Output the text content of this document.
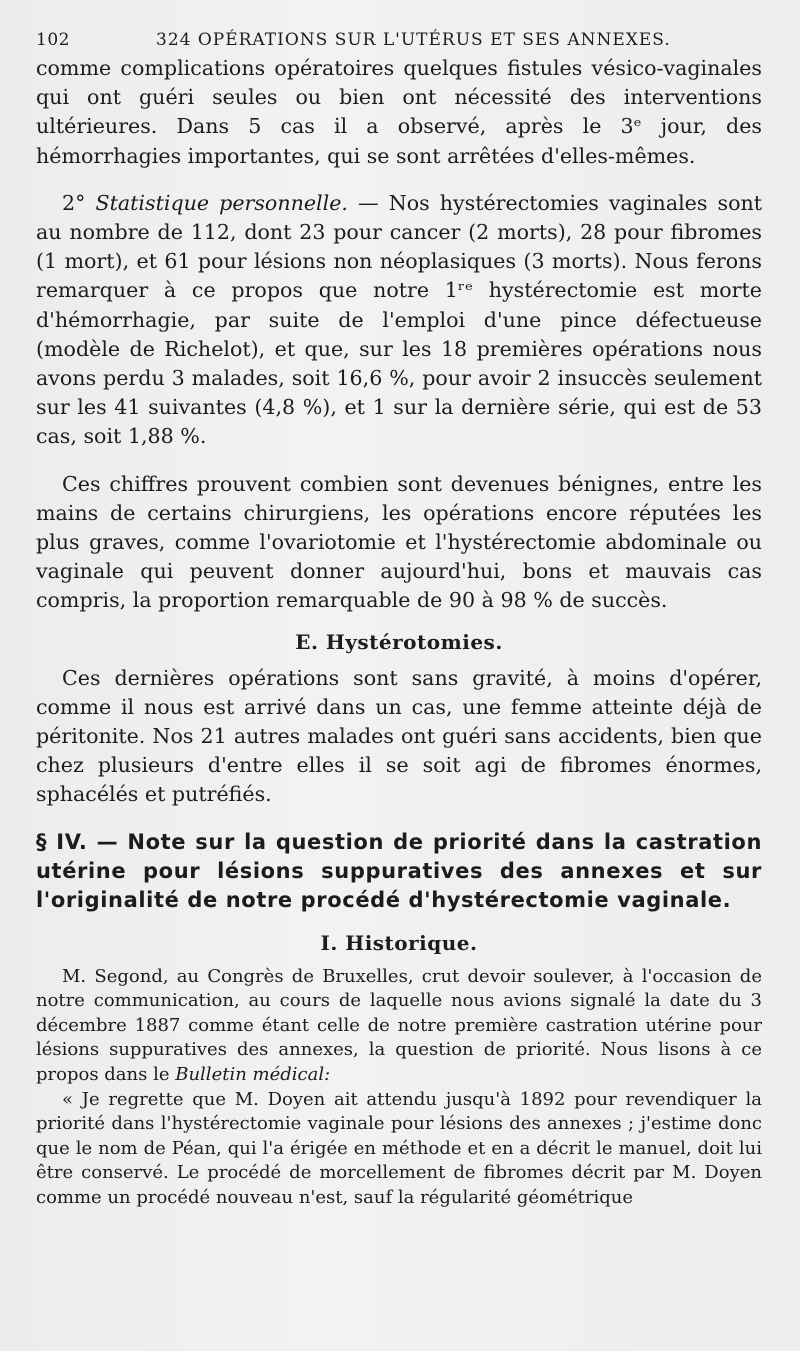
102	324 OPÉRATIONS SUR L'UTÉRUS ET SES ANNEXES.

comme complications opératoires quelques fistules vésico-vaginales qui ont guéri seules ou bien ont nécessité des interventions ultérieures. Dans 5 cas il a observé, après le 3ᵉ jour, des hémorrhagies importantes, qui se sont arrêtées d'elles-mêmes.

2° Statistique personnelle. — Nos hystérectomies vaginales sont au nombre de 112, dont 23 pour cancer (2 morts), 28 pour fibromes (1 mort), et 61 pour lésions non néoplasiques (3 morts). Nous ferons remarquer à ce propos que notre 1ʳᵉ hystérectomie est morte d'hémorrhagie, par suite de l'emploi d'une pince défectueuse (modèle de Richelot), et que, sur les 18 premières opérations nous avons perdu 3 malades, soit 16,6 %, pour avoir 2 insuccès seulement sur les 41 suivantes (4,8 %), et 1 sur la dernière série, qui est de 53 cas, soit 1,88 %.

Ces chiffres prouvent combien sont devenues bénignes, entre les mains de certains chirurgiens, les opérations encore réputées les plus graves, comme l'ovariotomie et l'hystérectomie abdominale ou vaginale qui peuvent donner aujourd'hui, bons et mauvais cas compris, la proportion remarquable de 90 à 98 % de succès.

E. Hystérotomies.

Ces dernières opérations sont sans gravité, à moins d'opérer, comme il nous est arrivé dans un cas, une femme atteinte déjà de péritonite. Nos 21 autres malades ont guéri sans accidents, bien que chez plusieurs d'entre elles il se soit agi de fibromes énormes, sphacélés et putréfiés.

§ IV. — Note sur la question de priorité dans la castration utérine pour lésions suppuratives des annexes et sur l'originalité de notre procédé d'hystérectomie vaginale.
I. Historique.

M. Segond, au Congrès de Bruxelles, crut devoir soulever, à l'occasion de notre communication, au cours de laquelle nous avions signalé la date du 3 décembre 1887 comme étant celle de notre première castration utérine pour lésions suppuratives des annexes, la question de priorité. Nous lisons à ce propos dans le Bulletin médical:

« Je regrette que M. Doyen ait attendu jusqu'à 1892 pour revendiquer la priorité dans l'hystérectomie vaginale pour lésions des annexes ; j'estime donc que le nom de Péan, qui l'a érigée en méthode et en a décrit le manuel, doit lui être conservé. Le procédé de morcellement de fibromes décrit par M. Doyen comme un procédé nouveau n'est, sauf la régularité géométrique
